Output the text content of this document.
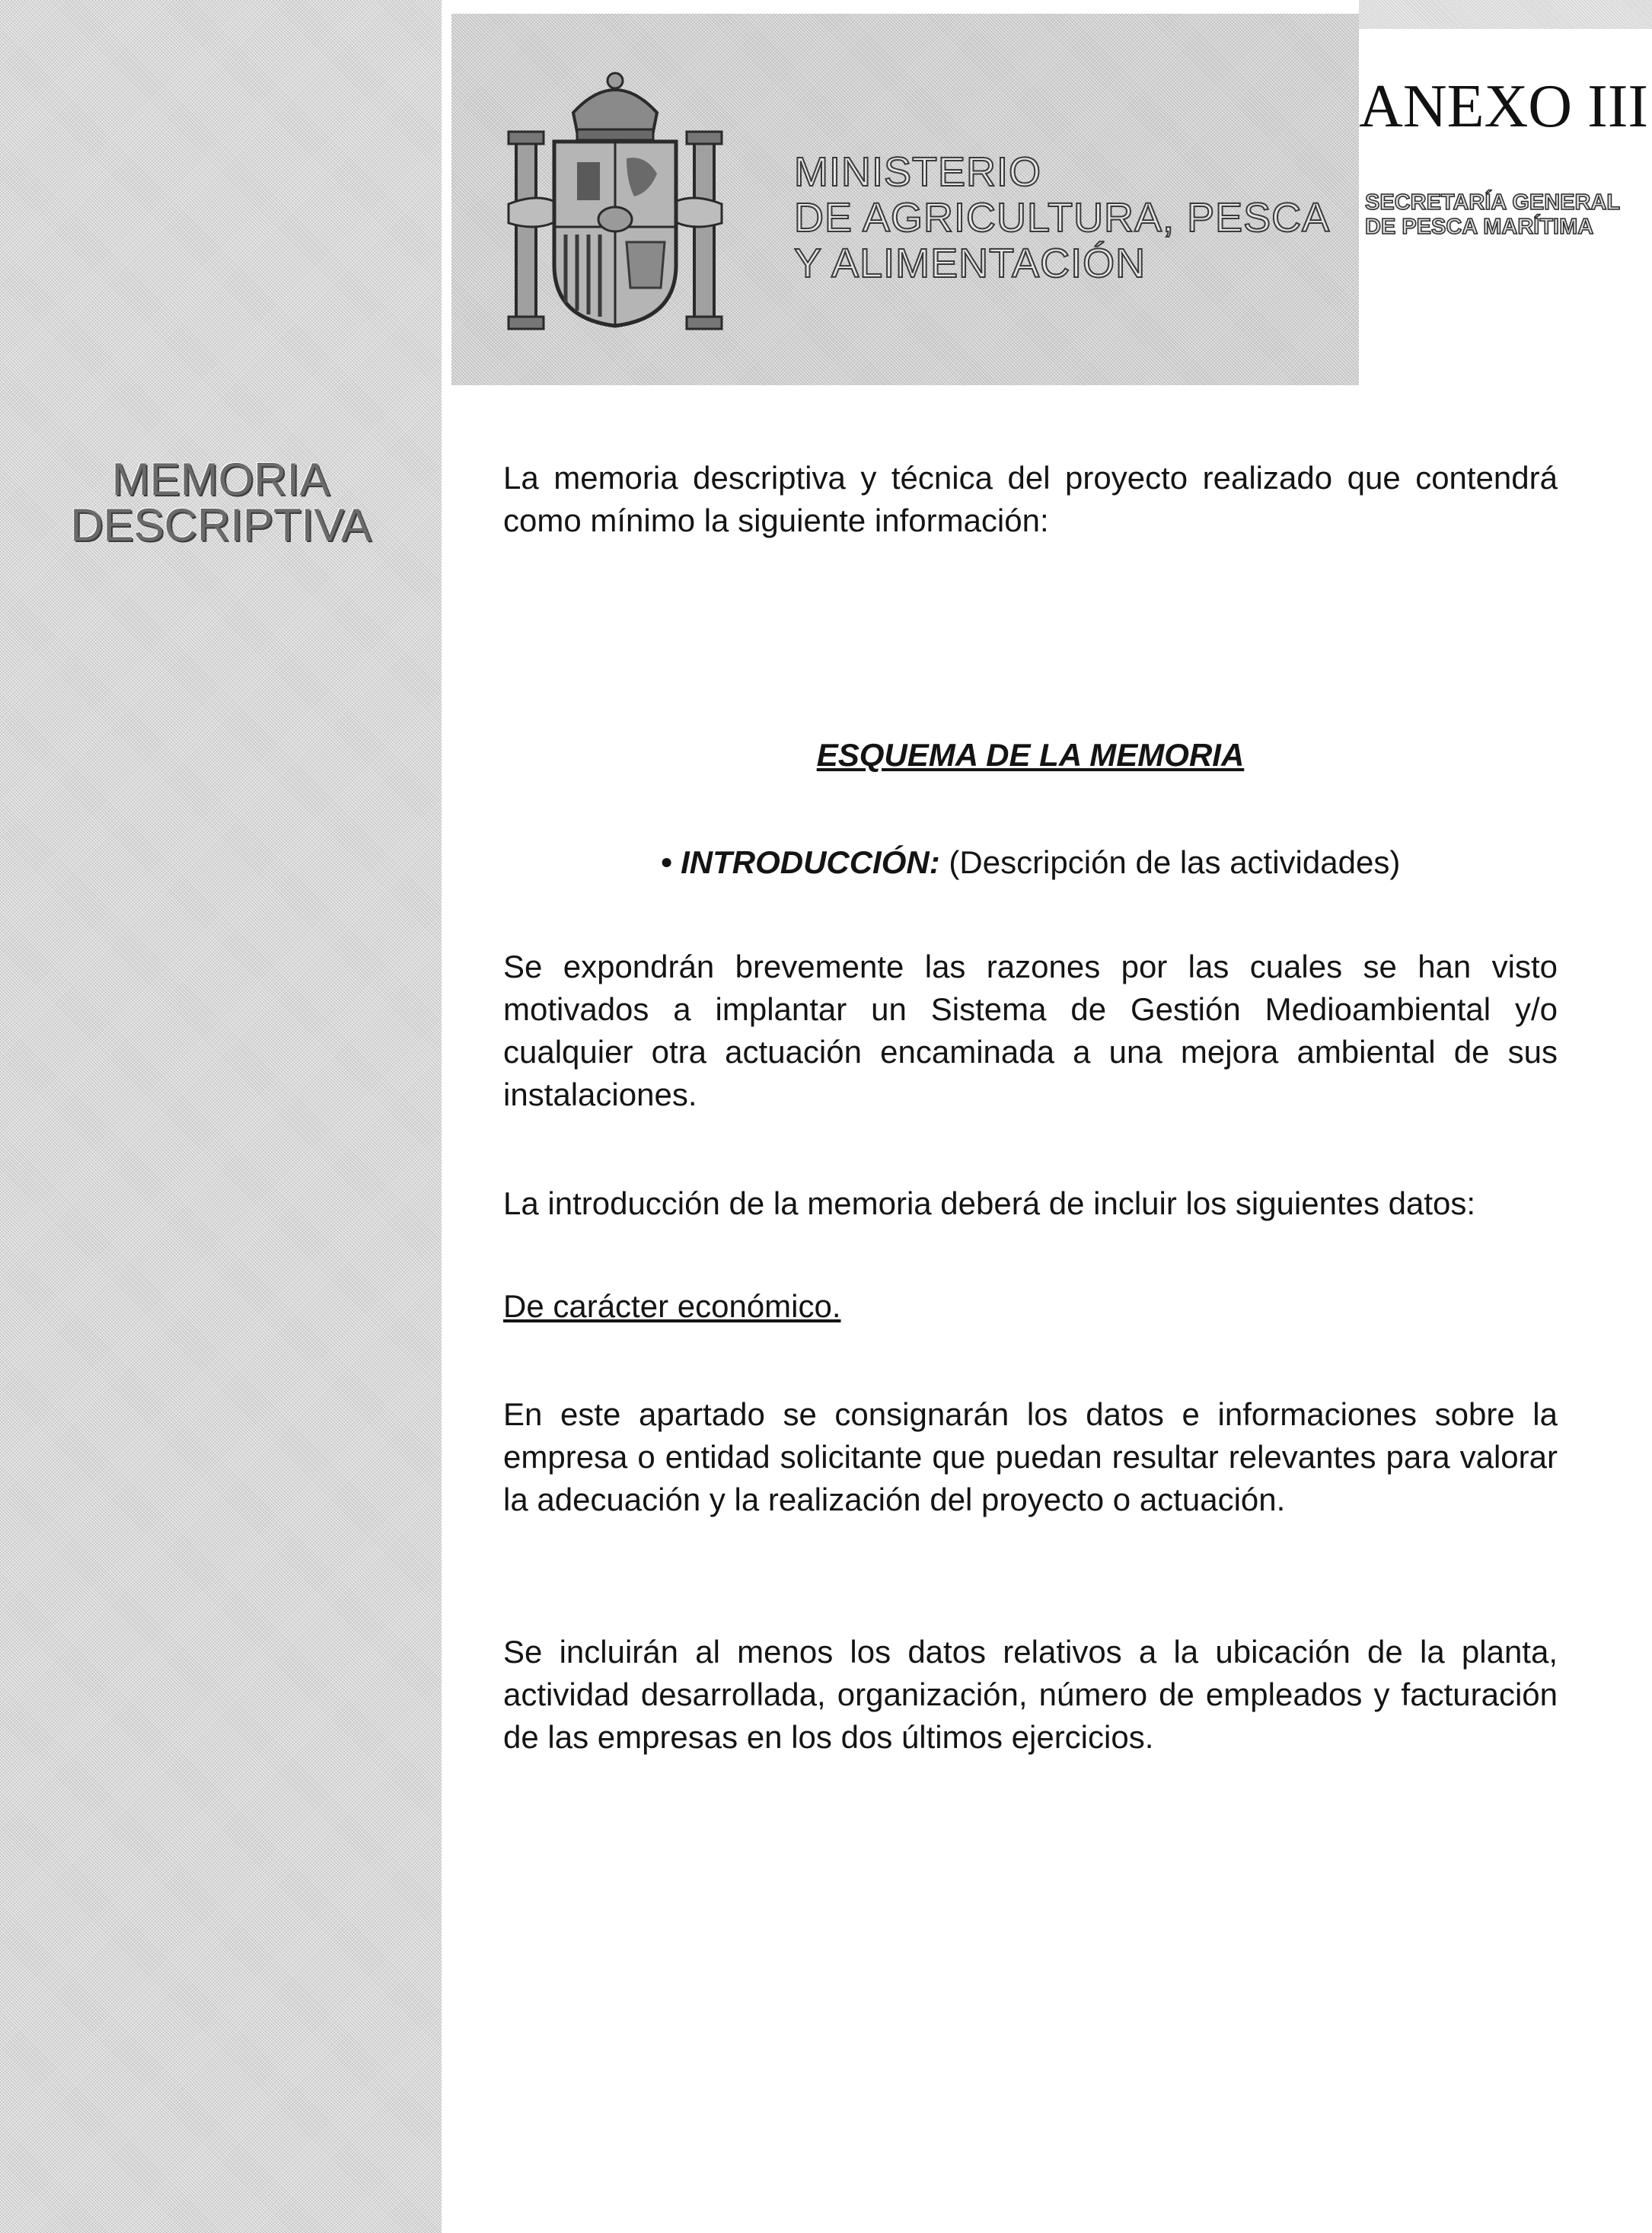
MEMORIA
DESCRIPTIVA
MINISTERIO
DE AGRICULTURA, PESCA
Y ALIMENTACIÓN
ANEXO III
SECRETARÍA GENERAL
DE PESCA MARÍTIMA

La memoria descriptiva y técnica del proyecto realizado que contendrá como mínimo la siguiente información:

ESQUEMA DE LA MEMORIA
• INTRODUCCIÓN: (Descripción de las actividades)
Se expondrán brevemente las razones por las cuales se han visto motivados a implantar un Sistema de Gestión Medioambiental y/o cualquier otra actuación encaminada a una mejora ambiental de sus instalaciones.
La introducción de la memoria deberá de incluir los siguientes datos:
De carácter económico.
En este apartado se consignarán los datos e informaciones sobre la empresa o entidad solicitante que puedan resultar relevantes para valorar la adecuación y la realización del proyecto o actuación.
Se incluirán al menos los datos relativos a la ubicación de la planta, actividad desarrollada, organización, número de empleados y facturación de las empresas en los dos últimos ejercicios.
